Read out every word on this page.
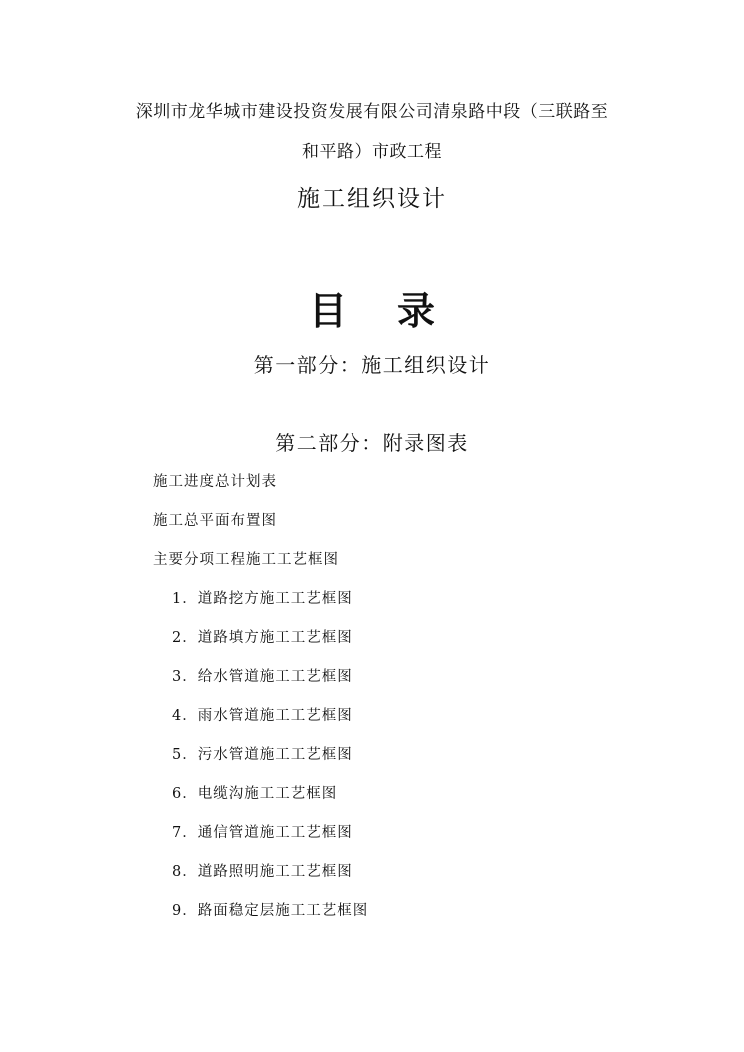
深圳市龙华城市建设投资发展有限公司清泉路中段（三联路至
和平路）市政工程
施工组织设计
目录
第一部分：施工组织设计
第二部分：附录图表
施工进度总计划表
施工总平面布置图
主要分项工程施工工艺框图
1．道路挖方施工工艺框图
2．道路填方施工工艺框图
3．给水管道施工工艺框图
4．雨水管道施工工艺框图
5．污水管道施工工艺框图
6．电缆沟施工工艺框图
7．通信管道施工工艺框图
8．道路照明施工工艺框图
9．路面稳定层施工工艺框图
